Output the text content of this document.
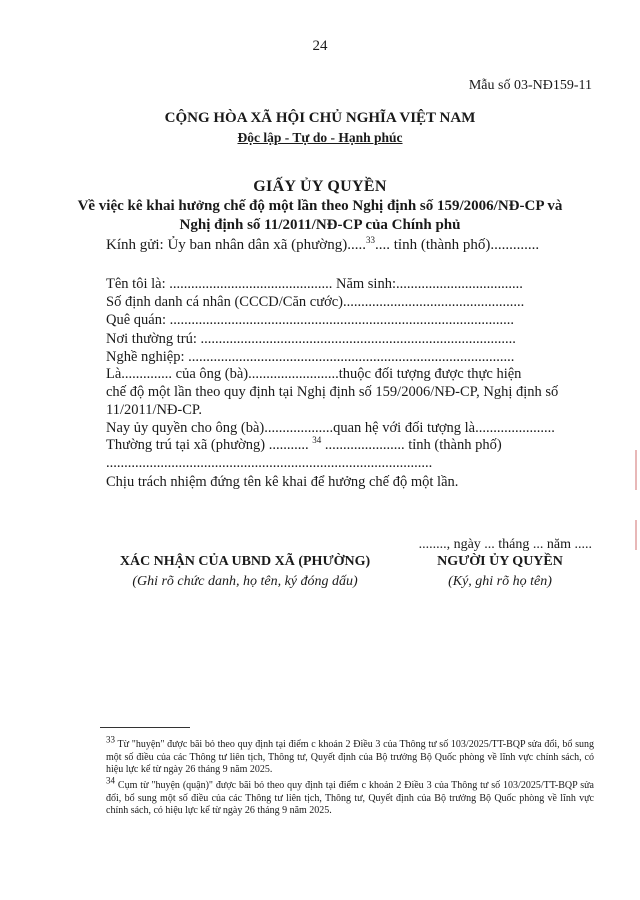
24
Mẫu số 03-NĐ159-11
CỘNG HÒA XÃ HỘI CHỦ NGHĨA VIỆT NAM
Độc lập - Tự do - Hạnh phúc
GIẤY ỦY QUYỀN
Về việc kê khai hưởng chế độ một lần theo Nghị định số 159/2006/NĐ-CP và
Nghị định số 11/2011/NĐ-CP của Chính phủ
Kính gửi: Ủy ban nhân dân xã (phường).....$^{33}$.... tỉnh (thành phố).............
Tên tôi là: ............................................. Năm sinh:...................................
Số định danh cá nhân (CCCD/Căn cước)..................................................
Quê quán: ...............................................................................................
Nơi thường trú: .......................................................................................
Nghề nghiệp: ..........................................................................................
Là.............. của ông (bà).........................thuộc đối tượng được thực hiện
chế độ một lần theo quy định tại Nghị định số 159/2006/NĐ-CP, Nghị định số
11/2011/NĐ-CP.
Nay ủy quyền cho ông (bà)...................quan hệ với đối tượng là......................
Thường trú tại xã (phường) ........... $^{34}$ ...................... tỉnh (thành phố)
..........................................................................................
Chịu trách nhiệm đứng tên kê khai để hưởng chế độ một lần.
........, ngày ... tháng ... năm .....
XÁC NHẬN CỦA UBND XÃ (PHƯỜNG)
(Ghi rõ chức danh, họ tên, ký đóng dấu)
NGƯỜI ỦY QUYỀN
(Ký, ghi rõ họ tên)
$^{33}$ Từ "huyện" được bãi bỏ theo quy định tại điểm c khoản 2 Điều 3 của Thông tư số 103/2025/TT-BQP sửa đổi, bổ sung một số điều của các Thông tư liên tịch, Thông tư, Quyết định của Bộ trưởng Bộ Quốc phòng về lĩnh vực chính sách, có hiệu lực kể từ ngày 26 tháng 9 năm 2025.
$^{34}$ Cụm từ "huyện (quận)" được bãi bỏ theo quy định tại điểm c khoản 2 Điều 3 của Thông tư số 103/2025/TT-BQP sửa đổi, bổ sung một số điều của các Thông tư liên tịch, Thông tư, Quyết định của Bộ trưởng Bộ Quốc phòng về lĩnh vực chính sách, có hiệu lực kể từ ngày 26 tháng 9 năm 2025.
